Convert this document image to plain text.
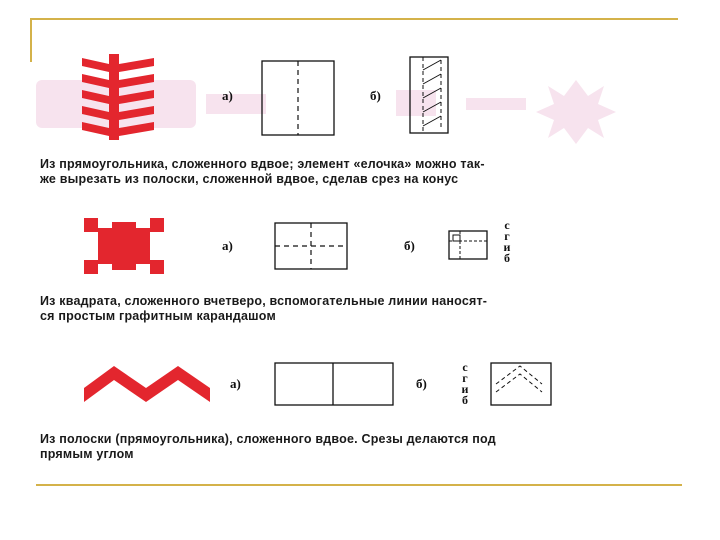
а)	б)
Из прямоугольника, сложенного вдвое; элемент «елочка» можно так-
же вырезать из полоски, сложенной вдвое, сделав срез на конус
а)	б)
с
г
и
б
Из квадрата, сложенного вчетверо, вспомогательные линии наносят-
ся простым графитным карандашом
а)	б)
с
г
и
б
Из полоски (прямоугольника), сложенного вдвое. Срезы делаются под
прямым углом
